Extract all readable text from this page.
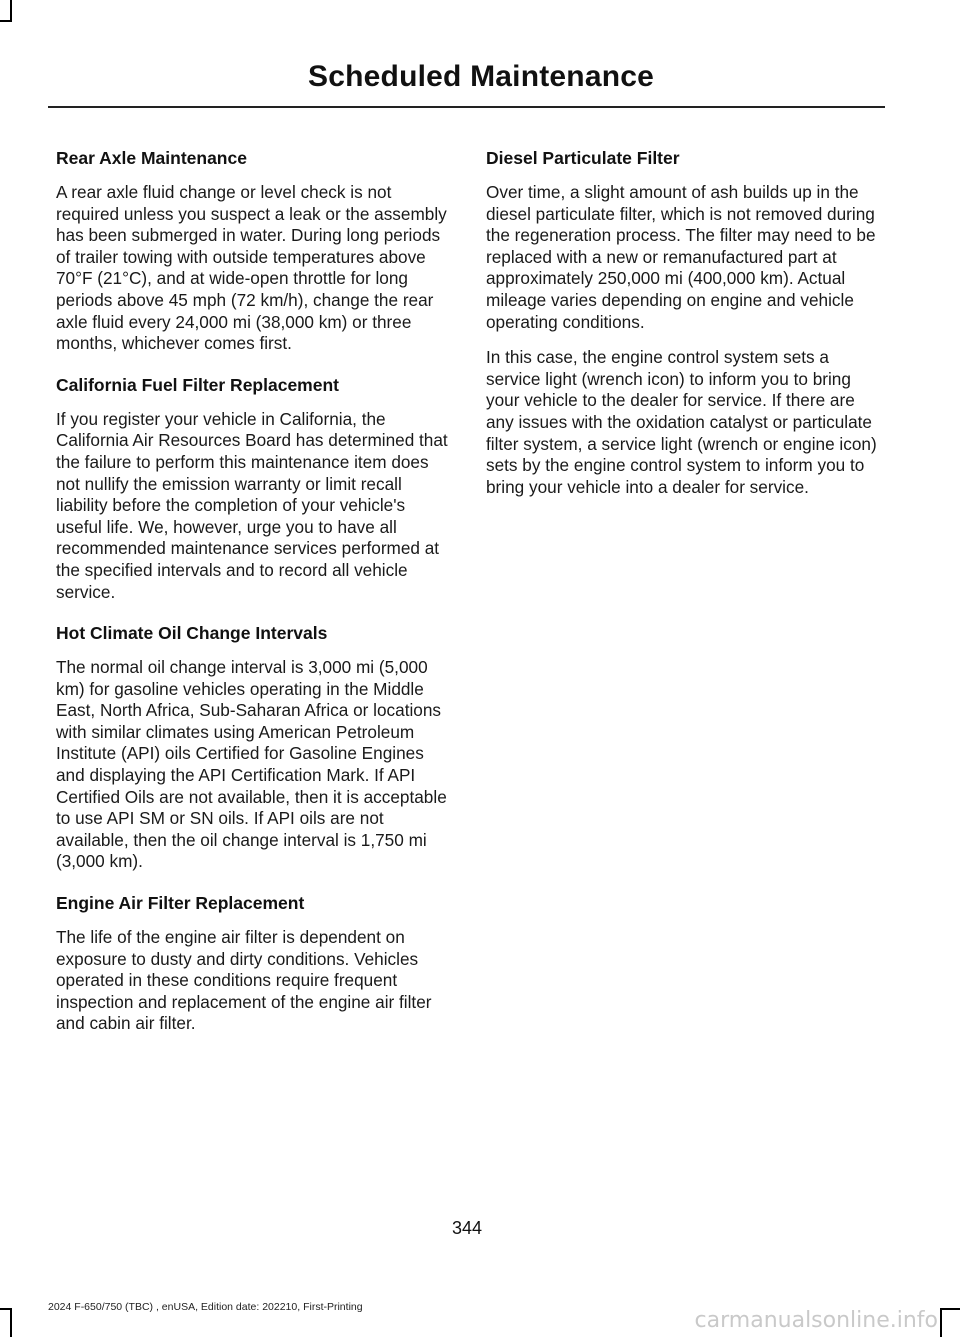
Scheduled Maintenance
Rear Axle Maintenance

A rear axle fluid change or level check is not required unless you suspect a leak or the assembly has been submerged in water. During long periods of trailer towing with outside temperatures above 70°F (21°C), and at wide-open throttle for long periods above 45 mph (72 km/h), change the rear axle fluid every 24,000 mi (38,000 km) or three months, whichever comes first.

California Fuel Filter Replacement

If you register your vehicle in California, the California Air Resources Board has determined that the failure to perform this maintenance item does not nullify the emission warranty or limit recall liability before the completion of your vehicle's useful life. We, however, urge you to have all recommended maintenance services performed at the specified intervals and to record all vehicle service.

Hot Climate Oil Change Intervals

The normal oil change interval is 3,000 mi (5,000 km) for gasoline vehicles operating in the Middle East, North Africa, Sub-Saharan Africa or locations with similar climates using American Petroleum Institute (API) oils Certified for Gasoline Engines and displaying the API Certification Mark. If API Certified Oils are not available, then it is acceptable to use API SM or SN oils. If API oils are not available, then the oil change interval is 1,750 mi (3,000 km).

Engine Air Filter Replacement

The life of the engine air filter is dependent on exposure to dusty and dirty conditions. Vehicles operated in these conditions require frequent inspection and replacement of the engine air filter and cabin air filter.

Diesel Particulate Filter

Over time, a slight amount of ash builds up in the diesel particulate filter, which is not removed during the regeneration process. The filter may need to be replaced with a new or remanufactured part at approximately 250,000 mi (400,000 km). Actual mileage varies depending on engine and vehicle operating conditions.

In this case, the engine control system sets a service light (wrench icon) to inform you to bring your vehicle to the dealer for service. If there are any issues with the oxidation catalyst or particulate filter system, a service light (wrench or engine icon) sets by the engine control system to inform you to bring your vehicle into a dealer for service.

344
2024 F-650/750 (TBC) , enUSA, Edition date: 202210, First-Printing
carmanualsonline.info
